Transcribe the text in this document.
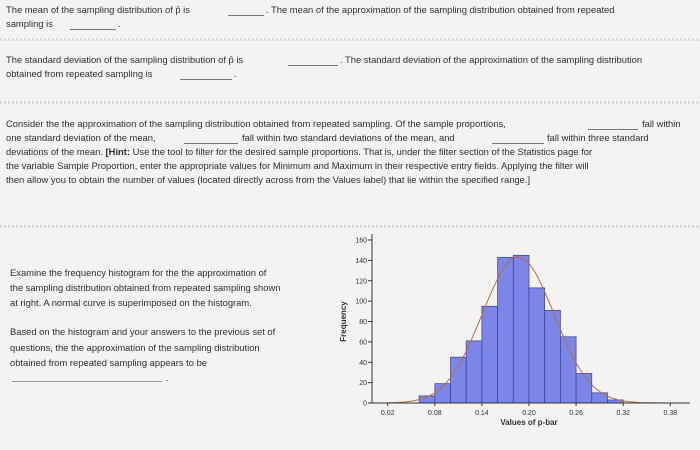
The mean of the sampling distribution of p̂ is	. The mean of the approximation of the sampling distribution obtained from repeated
sampling is	.
The standard deviation of the sampling distribution of p̂ is	. The standard deviation of the approximation of the sampling distribution
obtained from repeated sampling is	.
Consider the the approximation of the sampling distribution obtained from repeated sampling. Of the sample proportions,	fall within
one standard deviation of the mean,	fall within two standard deviations of the mean, and	fall within three standard
deviations of the mean. [Hint: Use the tool to filter for the desired sample proportions. That is, under the filter section of the Statistics page for
the variable Sample Proportion, enter the appropriate values for Minimum and Maximum in their respective entry fields. Applying the filter will
then allow you to obtain the number of values (located directly across from the Values label) that lie within the specified range.]
Examine the frequency histogram for the the approximation of
the sampling distribution obtained from repeated sampling shown
at right. A normal curve is superimposed on the histogram.
Based on the histogram and your answers to the previous set of
questions, the the approximation of the sampling distribution
obtained from repeated sampling appears to be
.
0
20
40
60
80
100
120
140
160
0.02	0.08	0.14	0.20	0.26	0.32	0.38
Values of p-bar
Frequency
